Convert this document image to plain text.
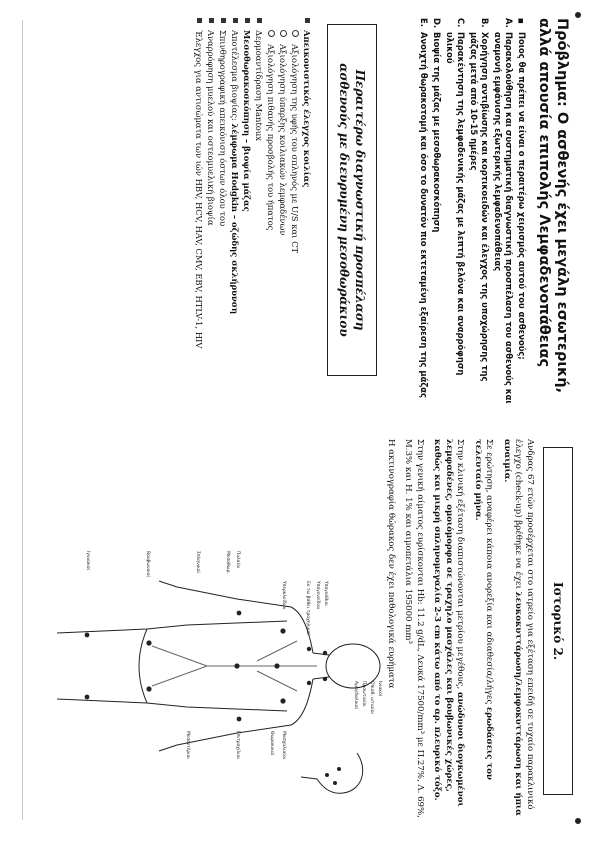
Πρόβλημα: Ο ασθενής έχει μεγάλη εσωτερική,
αλλά απουσία επιπολής Λεμφαδενοπάθειας
■
Ποιος θα πρέπει να είναι ο περαιτέρω χειρισμός αυτού του ασθενούς;
A.
Παρακολούθηση και συστηματική διαγνωστική προσπέλαση του ασθενούς και αναμονή εμφάνισης εξωτερικής λεμφαδενοπάθειας
B.
Χορήγηση αντιβίωσης και κορτικοειδών και έλεγχος της υποχώρησης της μάζας μετά από 10-15 ημέρες
C.
Παρακέντηση της λεμφαδενικής μάζας με λεπτή βελόνα και αναρρόφηση υλικού
D.
Βιοψία της μάζας με μεσοθωρακοσκόπηση
E.
Ανοιχτή θωρακοτομή και όσο το δυνατόν πιο εκτεταμένη εξαίρεση της μάζας
Περαιτέρω διαγνωστική προσπέλαση
ασθενούς με διευρυμένη μεσοθωράκιου
Απεικονιστικός έλεγχος κοιλίας
Αξιολόγηση της υφής του σπληνός με U/S και CT
Αξιολόγηση ύπαρξης κοιλιακών λεμφαδένων
Αξιολόγηση πιθανής προσβολής του ήπατος
Δερμοαντίδραση Mantoux
Μεσοθωρακοσκόπηση – βιοψία μάζας
Αποτέλεσμα βιοψίας: λέμφωμα Hodgkin – οζώδης σκλήρυνση
Σπινθηρογραφική απεικόνιση όστων όλου του
Αναρρόφηση μυελού και οστεομυελική βιοψία
Έλεγχος για αντισώματα των ιών HBV, HCV, HAV, CMV, EBV, HTLV-1, HIV
Ιστορικό 2.

Ανδρας 67 ετών προσέρχεται στο ιατρείο για εξέταση επειδή σε τυχαίο παρακλινικό έλεγχο (check-up) βρέθηκε να έχει λευκοκυττάρωση/λεμφοκυττάρωση και ήπια αναιμία.

Σε ερώτηση, αναφέρει κάποια ανορεξία και αδιαθεσία/λήγες ερωδάσεις τον τελευταίο μήνα.

Στην κλινική εξέταση διαπιστώνονται μετρίου μεγέθους, ανώδυνοι διογκωμένοι λεμφαδένες, ομοιόμορφα σε τραχηλο μασχάλες και βουβωνικές χώρες, καθώς και μικρή σπληνομεγαλία 2-3 cm κάτω από το αρ. πλευρικό τόξο.

Στην γενική αίματος ευρίσκονται Hb: 11.2 g/dL, Λευκά 17500/mm³ με Π.27%, Λ. 69%, Μ.3% και Η. 1% και αιμοπετάλια 195000 mm³

Η ακτινογραφία θώρακος δεν έχει παθολογικά ευρήματα

Ινιακοί
Οπισθ. ωτιαίοι
Προωτιαίοι
Αμυγδαλικοί
Υπογνάθιοι
Υπογενείδιοι
Εν τω βάθει τραχηλικοί
Υπερκλείδιοι
Μασχαλιαίοι
Θωρακικοί
Επιτροχίλιοι
Πυλαίοι
Μεσοθωρ.
Σπληνικοί
Μεσεντέριοι
Βουβωνικοί
Ιγνυακοί
